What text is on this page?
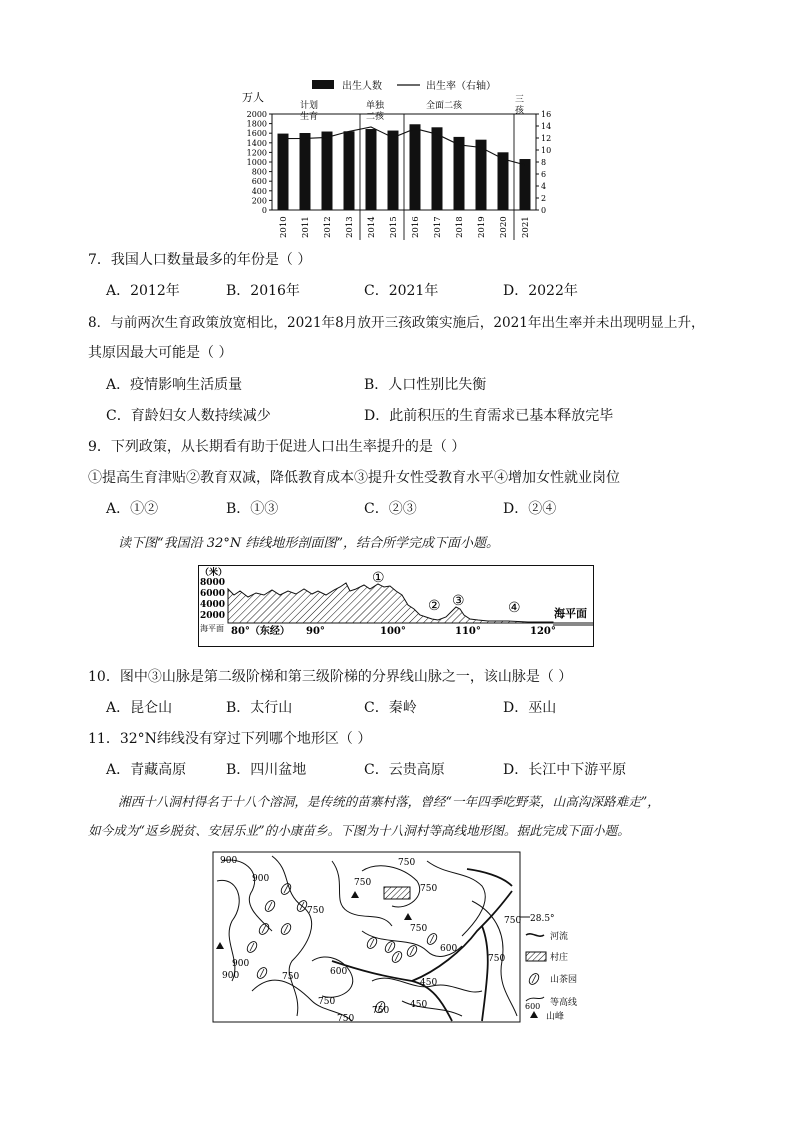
出生人数	出生率（右轴）
万人
0
200
400
600
800
1000
1200
1400
1600
1800
2000
0
2
4
6
8
10
12
14
16
2010 2011 2012 2013 2014 2015 2016 2017 2018 2019 2020 2021
计划
生育
单独
二孩
全面二孩
三
孩
7．我国人口数量最多的年份是（ ）
A．2012年	B．2016年	C．2021年	D．2022年
8．与前两次生育政策放宽相比，2021年8月放开三孩政策实施后，2021年出生率并未出现明显上升，
其原因最大可能是（ ）
A．疫情影响生活质量	B．人口性别比失衡
C．育龄妇女人数持续减少	D．此前积压的生育需求已基本释放完毕
9．下列政策，从长期看有助于促进人口出生率提升的是（ ）
①提高生育津贴②教育双减，降低教育成本③提升女性受教育水平④增加女性就业岗位
A．①②	B．①③	C．②③	D．②④
读下图“我国沿 32°N 纬线地形剖面图”，结合所学完成下面小题。
（米）
8000
6000
4000
2000
海平面
海平面
80°（东经） 90°	100°	110°	120°
①
② ③	④
10．图中③山脉是第二级阶梯和第三级阶梯的分界线山脉之一，该山脉是（ ）
A．昆仑山	B．太行山	C．秦岭	D．巫山
11．32°N纬线没有穿过下列哪个地形区（ ）
A．青藏高原	B．四川盆地	C．云贵高原	D．长江中下游平原
湘西十八洞村得名于十八个溶洞，是传统的苗寨村落，曾经“一年四季吃野菜，山高沟深路难走”，
如今成为“返乡脱贫、安居乐业”的小康苗乡。下图为十八洞村等高线地形图。据此完成下面小题。
900
900
900
900
750
750
750
750
750
750
750
600
600
450
450
750
750
750
750
28.5°
河流
村庄
山茶园
600 等高线
山峰
